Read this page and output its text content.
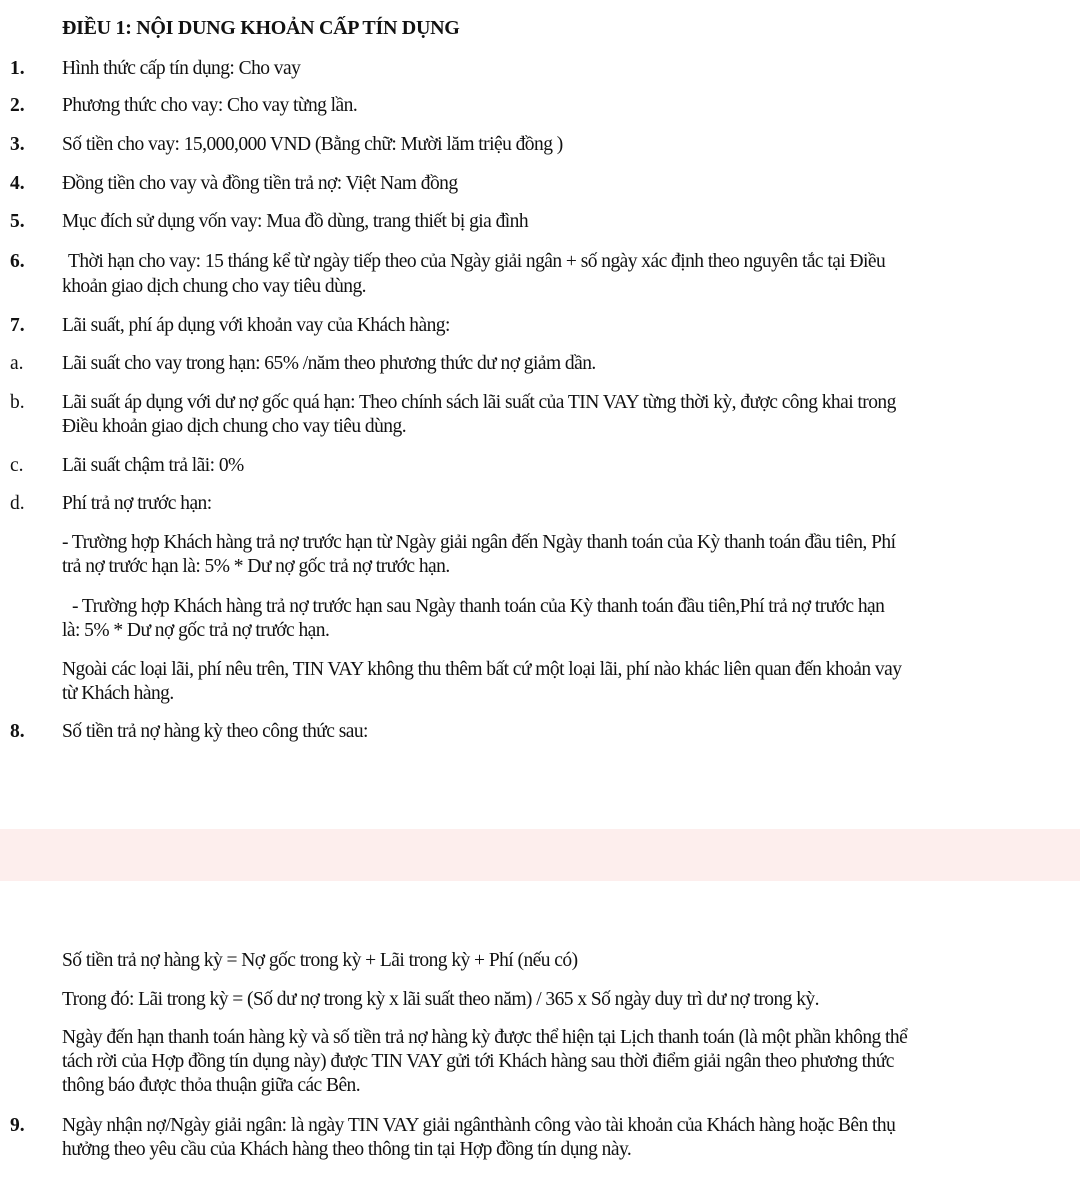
ĐIỀU 1: NỘI DUNG KHOẢN CẤP TÍN DỤNG
1. Hình thức cấp tín dụng: Cho vay
2. Phương thức cho vay: Cho vay từng lần.
3. Số tiền cho vay: 15,000,000 VND (Bằng chữ: Mười lăm triệu đồng )
4. Đồng tiền cho vay và đồng tiền trả nợ: Việt Nam đồng
5. Mục đích sử dụng vốn vay: Mua đồ dùng, trang thiết bị gia đình
6. Thời hạn cho vay: 15 tháng kể từ ngày tiếp theo của Ngày giải ngân + số ngày xác định theo nguyên tắc tại Điều
khoản giao dịch chung cho vay tiêu dùng.
7. Lãi suất, phí áp dụng với khoản vay của Khách hàng:
a. Lãi suất cho vay trong hạn: 65% /năm theo phương thức dư nợ giảm dần.
b. Lãi suất áp dụng với dư nợ gốc quá hạn: Theo chính sách lãi suất của TIN VAY từng thời kỳ, được công khai trong
Điều khoản giao dịch chung cho vay tiêu dùng.
c. Lãi suất chậm trả lãi: 0%
d. Phí trả nợ trước hạn:
- Trường hợp Khách hàng trả nợ trước hạn từ Ngày giải ngân đến Ngày thanh toán của Kỳ thanh toán đầu tiên, Phí
trả nợ trước hạn là: 5% * Dư nợ gốc trả nợ trước hạn.
- Trường hợp Khách hàng trả nợ trước hạn sau Ngày thanh toán của Kỳ thanh toán đầu tiên,Phí trả nợ trước hạn
là: 5% * Dư nợ gốc trả nợ trước hạn.
Ngoài các loại lãi, phí nêu trên, TIN VAY không thu thêm bất cứ một loại lãi, phí nào khác liên quan đến khoản vay
từ Khách hàng.
8. Số tiền trả nợ hàng kỳ theo công thức sau:
Số tiền trả nợ hàng kỳ = Nợ gốc trong kỳ + Lãi trong kỳ + Phí (nếu có)
Trong đó: Lãi trong kỳ = (Số dư nợ trong kỳ x lãi suất theo năm) / 365 x Số ngày duy trì dư nợ trong kỳ.
Ngày đến hạn thanh toán hàng kỳ và số tiền trả nợ hàng kỳ được thể hiện tại Lịch thanh toán (là một phần không thể
tách rời của Hợp đồng tín dụng này) được TIN VAY gửi tới Khách hàng sau thời điểm giải ngân theo phương thức
thông báo được thỏa thuận giữa các Bên.
9. Ngày nhận nợ/Ngày giải ngân: là ngày TIN VAY giải ngânthành công vào tài khoản của Khách hàng hoặc Bên thụ
hưởng theo yêu cầu của Khách hàng theo thông tin tại Hợp đồng tín dụng này.
